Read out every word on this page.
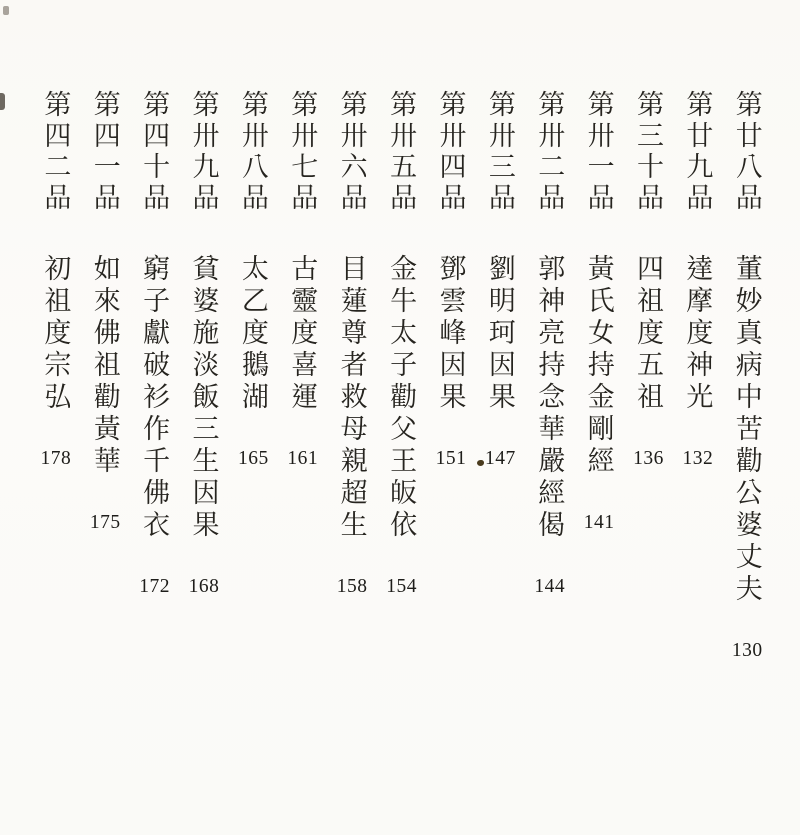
第廿八品
董妙真病中苦勸公婆丈夫
130
第廿九品
達摩度神光
132
第三十品
四祖度五祖
136
第卅一品
黃氏女持金剛經
141
第卅二品
郭神亮持念華嚴經偈
144
第卅三品
劉明珂因果
147
第卅四品
鄧雲峰因果
151
第卅五品
金牛太子勸父王皈依
154
第卅六品
目蓮尊者救母親超生
158
第卅七品
古靈度喜運
161
第卅八品
太乙度鵝湖
165
第卅九品
貧婆施淡飯三生因果
168
第四十品
窮子獻破衫作千佛衣
172
第四一品
如來佛祖勸黃華
175
第四二品
初祖度宗弘
178
